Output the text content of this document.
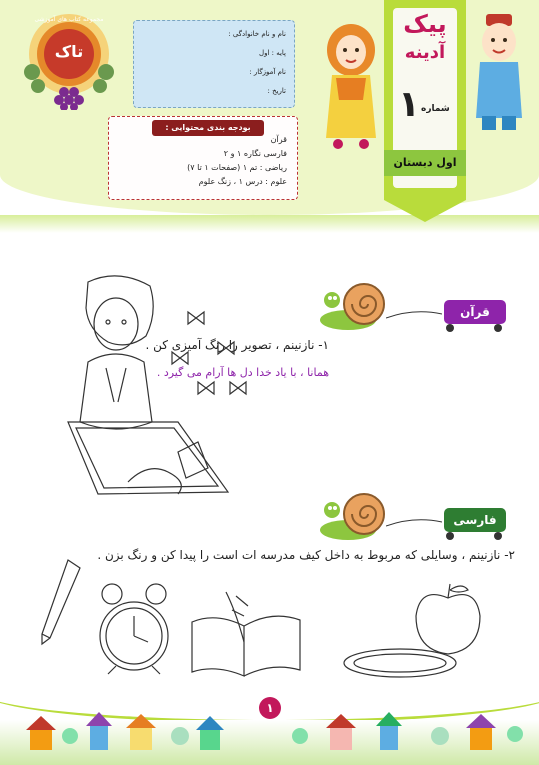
مجموعه کتاب های آموزشی
تاک
نام و نام خانوادگی :
پایه : اول
نام آموزگار :
تاریخ :
قرآن
فارسی نگاره ۱ و ۲
ریاضی : تم ۱ (صفحات ۱ تا ۷)
علوم : درس ۱ ، زنگ علوم
بودجه بندی محتوایی :
پیک
آدینه
۱ شماره
اول دبستان
قرآن
۱- نازنینم ، تصویر را رنگ آمیزی کن .
همانا ، با یاد خدا دل ها آرام می گیرد .
فارسی
۲- نازنینم ، وسایلی که مربوط به داخل کیف مدرسه ات است را پیدا کن و رنگ بزن .
۱
